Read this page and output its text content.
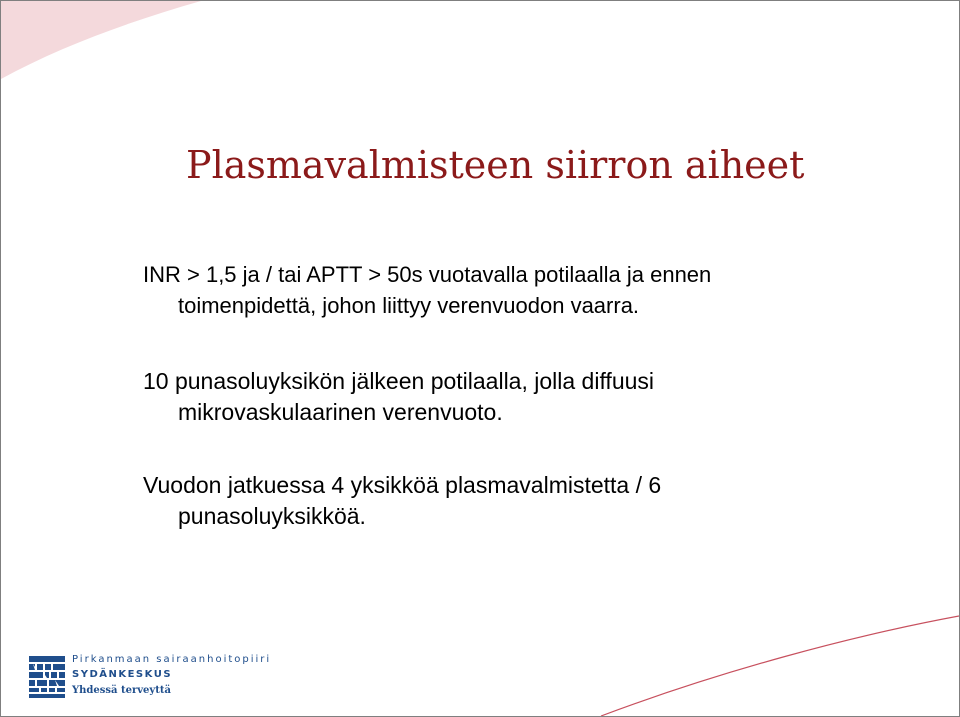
Plasmavalmisteen siirron aiheet

INR > 1,5 ja / tai APTT > 50s vuotavalla potilaalla ja ennen
toimenpidettä, johon liittyy verenvuodon vaarra.

10 punasoluyksikön jälkeen potilaalla, jolla diffuusi
mikrovaskulaarinen verenvuoto.

Vuodon jatkuessa 4 yksikköä plasmavalmistetta / 6
punasoluyksikköä.

Pirkanmaan sairaanhoitopiiri
SYDÄNKESKUS
Yhdessä terveyttä
